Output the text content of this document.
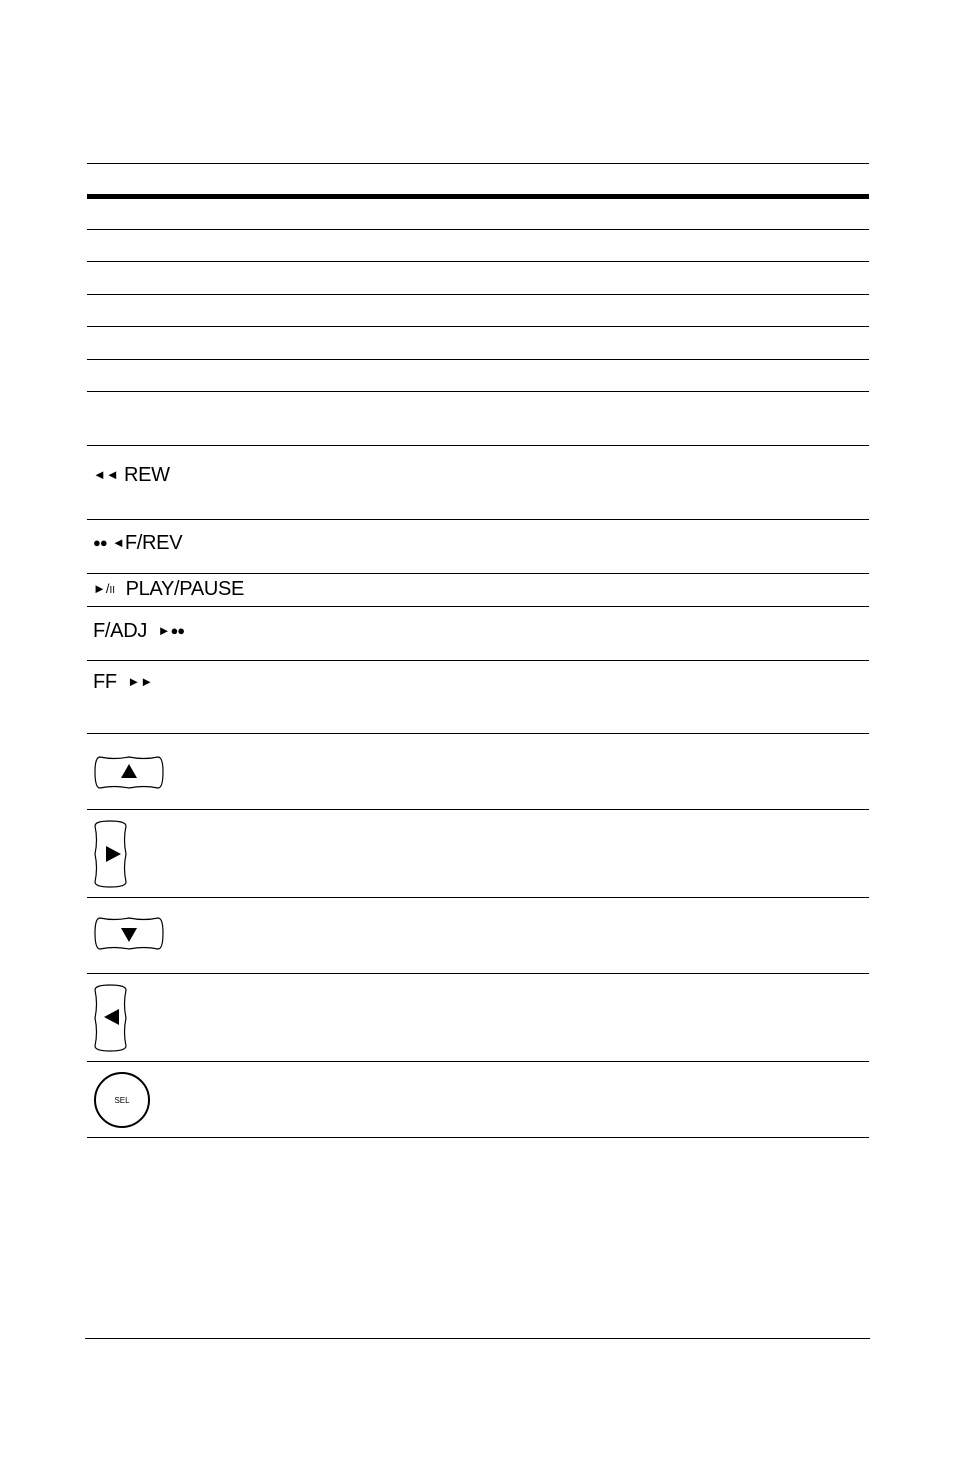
◄◄ REW
●● ◄F/REV
►/II PLAY/PAUSE
F/ADJ ►●●
FF ►►
SEL
